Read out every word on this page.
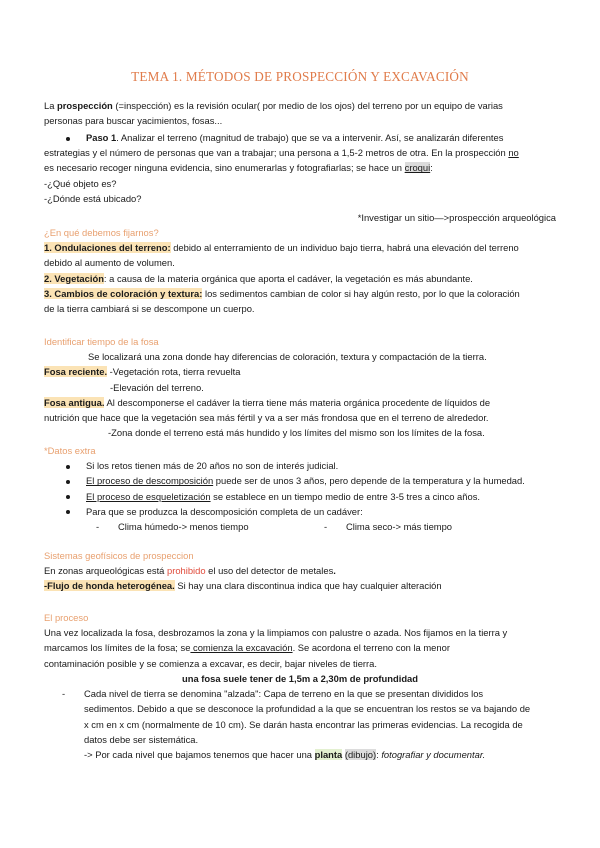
TEMA 1. MÉTODOS DE PROSPECCIÓN Y EXCAVACIÓN

La prospección (=inspección) es la revisión ocular( por medio de los ojos) del terreno por un equipo de varias

personas para buscar yacimientos, fosas...

Paso 1. Analizar el terreno (magnitud de trabajo) que se va a intervenir. Así, se analizarán diferentes

estrategias y el número de personas que van a trabajar; una persona a 1,5-2 metros de otra. En la prospección no

es necesario recoger ninguna evidencia, sino enumerarlas y fotografiarlas; se hace un croqui:

-¿Qué objeto es?

-¿Dónde está ubicado?

*Investigar un sitio—>prospección arqueológica

¿En qué debemos fijarnos?

1. Ondulaciones del terreno: debido al enterramiento de un individuo bajo tierra, habrá una elevación del terreno

debido al aumento de volumen.

2. Vegetación: a causa de la materia orgánica que aporta el cadáver, la vegetación es más abundante.

3. Cambios de coloración y textura: los sedimentos cambian de color si hay algún resto, por lo que la coloración

de la tierra cambiará si se descompone un cuerpo.

Identificar tiempo de la fosa

Se localizará una zona donde hay diferencias de coloración, textura y compactación de la tierra.

Fosa reciente. -Vegetación rota, tierra revuelta

-Elevación del terreno.

Fosa antigua. Al descomponerse el cadáver la tierra tiene más materia orgánica procedente de líquidos de

nutrición que hace que la vegetación sea más fértil y va a ser más frondosa que en el terreno de alrededor.

-Zona donde el terreno está más hundido y los límites del mismo son los límites de la fosa.

*Datos extra

Si los retos tienen más de 20 años no son de interés judicial.

El proceso de descomposición puede ser de unos 3 años, pero depende de la temperatura y la humedad.

El proceso de esqueletización se establece en un tiempo medio de entre 3-5 tres a cinco años.

Para que se produzca la descomposición completa de un cadáver:

-	Clima húmedo-> menos tiempo	-	Clima seco-> más tiempo

Sistemas geofísicos de prospeccion

En zonas arqueológicas está prohibido el uso del detector de metales.

-Flujo de honda heterogénea. Si hay una clara discontinua indica que hay cualquier alteración

El proceso

Una vez localizada la fosa, desbrozamos la zona y la limpiamos con palustre o azada. Nos fijamos en la tierra y

marcamos los límites de la fosa; se comienza la excavación. Se acordona el terreno con la menor

contaminación posible y se comienza a excavar, es decir, bajar niveles de tierra.

una fosa suele tener de 1,5m a 2,30m de profundidad

-	Cada nivel de tierra se denomina "alzada": Capa de terreno en la que se presentan divididos los

sedimentos. Debido a que se desconoce la profundidad a la que se encuentran los restos se va bajando de

x cm en x cm (normalmente de 10 cm). Se darán hasta encontrar las primeras evidencias. La recogida de

datos debe ser sistemática.

-> Por cada nivel que bajamos tenemos que hacer una planta (dibujo): fotografiar y documentar.
